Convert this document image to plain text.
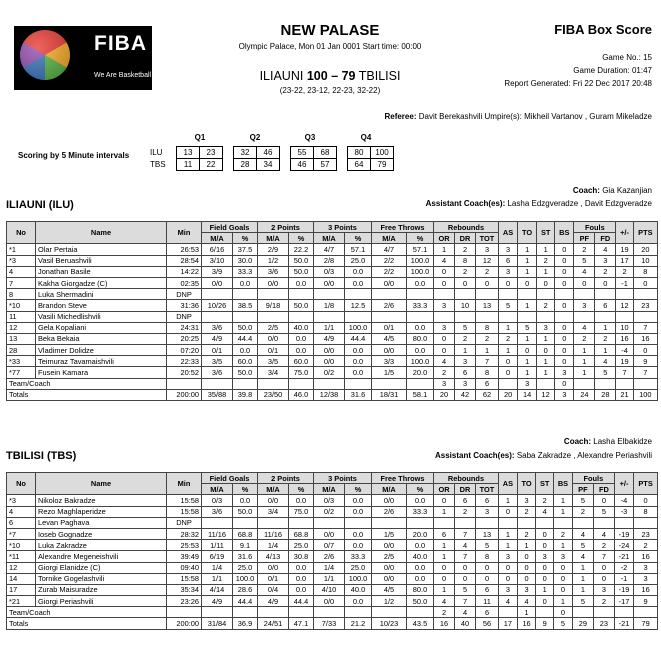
FIBA
We Are Basketball
NEW PALASE
Olympic Palace, Mon 01 Jan 0001 Start time: 00:00
ILIAUNI 100 – 79 TBILISI
(23-22, 23-12, 22-23, 32-22)
FIBA Box Score
Game No.: 15
Game Duration: 01:47
Report Generated: Fri 22 Dec 2017 20:48
Referee: Davit Berekashvili Umpire(s): Mikheil Vartanov , Guram Mikeladze
Scoring by 5 Minute intervals
Q1	Q2	Q3	Q4
ILU	13	23		32	46		55	68		80	100
TBS	11	22		28	34		46	57		64	79
Coach: Gia Kazanjian
ILIAUNI (ILU)	Assistant Coach(es): Lasha Edzgveradze , Davit Edzgveradze
No	Name	Min	Field Goals		2 Points		3 Points		Free Throws		Rebounds			AS	TO	ST	BS	Fouls		+/-	PTS
			M/A	%	M/A	%	M/A	%	M/A	%	OR	DR	TOT					PF	FD		
*1	Olar Pertaia	26:53	6/16	37.5	2/9	22.2	4/7	57.1	4/7	57.1	1	2	3	3	1	1	0	2	4	19	20
*3	Vasil Beruashvili	28:54	3/10	30.0	1/2	50.0	2/8	25.0	2/2	100.0	4	8	12	6	1	2	0	5	3	17	10
4	Jonathan Basile	14:22	3/9	33.3	3/6	50.0	0/3	0.0	2/2	100.0	0	2	2	3	1	1	0	4	2	2	8
7	Kakha Giorgadze (C)	02:35	0/0	0.0	0/0	0.0	0/0	0.0	0/0	0.0	0	0	0	0	0	0	0	0	0	-1	0
8	Luka Shermadini	DNP																			
*10	Brandon Steve	31:36	10/26	38.5	9/18	50.0	1/8	12.5	2/6	33.3	3	10	13	5	1	2	0	3	6	12	23
11	Vasili Michedlishvili	DNP																			
12	Gela Kopaliani	24:31	3/6	50.0	2/5	40.0	1/1	100.0	0/1	0.0	3	5	8	1	5	3	0	4	1	10	7
13	Beka Bekaia	20:25	4/9	44.4	0/0	0.0	4/9	44.4	4/5	80.0	0	2	2	2	1	1	0	2	2	16	16
28	Vladimer Dolidze	07:20	0/1	0.0	0/1	0.0	0/0	0.0	0/0	0.0	0	1	1	1	0	0	0	1	1	-4	0
*33	Teimuraz Tavamaishvili	22:33	3/5	60.0	3/5	60.0	0/0	0.0	3/3	100.0	4	3	7	0	1	1	0	1	4	19	9
*77	Fusein Kamara	20:52	3/6	50.0	3/4	75.0	0/2	0.0	1/5	20.0	2	6	8	0	1	1	3	1	5	7	7
Team/Coach											3	3	6		3		0				
Totals		200:00	35/88	39.8	23/50	46.0	12/38	31.6	18/31	58.1	20	42	62	20	14	12	3	24	28	21	100
Coach: Lasha Elbakidze
TBILISI (TBS)	Assistant Coach(es): Saba Zakradze , Alexandre Periashvili
No	Name	Min	Field Goals		2 Points		3 Points		Free Throws		Rebounds			AS	TO	ST	BS	Fouls		+/-	PTS
			M/A	%	M/A	%	M/A	%	M/A	%	OR	DR	TOT					PF	FD		
*3	Nikoloz Bakradze	15:58	0/3	0.0	0/0	0.0	0/3	0.0	0/0	0.0	0	6	6	1	3	2	1	5	0	-4	0
4	Rezo Maghlaperidze	15:58	3/6	50.0	3/4	75.0	0/2	0.0	2/6	33.3	1	2	3	0	2	4	1	2	5	-3	8
6	Levan Paghava	DNP																			
*7	Ioseb Gognadze	28:32	11/16	68.8	11/16	68.8	0/0	0.0	1/5	20.0	6	7	13	1	2	0	2	4	4	-19	23
*10	Luka Zakradze	25:53	1/11	9.1	1/4	25.0	0/7	0.0	0/0	0.0	1	4	5	1	1	0	1	5	2	-24	2
*11	Alexandre Megeneishvili	39:49	6/19	31.6	4/13	30.8	2/6	33.3	2/5	40.0	1	7	8	3	0	3	3	4	7	-21	16
12	Giorgi Elanidze (C)	09:40	1/4	25.0	0/0	0.0	1/4	25.0	0/0	0.0	0	0	0	0	0	0	0	1	0	-2	3
14	Tornike Gogelashvili	15:58	1/1	100.0	0/1	0.0	1/1	100.0	0/0	0.0	0	0	0	0	0	0	0	1	0	-1	3
17	Zurab Maisuradze	35:34	4/14	28.6	0/4	0.0	4/10	40.0	4/5	80.0	1	5	6	3	3	1	0	1	3	-19	16
*21	Giorgi Periashvili	23:26	4/9	44.4	4/9	44.4	0/0	0.0	1/2	50.0	4	7	11	4	4	0	1	5	2	-17	9
Team/Coach											2	4	6		1		0				
Totals		200:00	31/84	36.9	24/51	47.1	7/33	21.2	10/23	43.5	16	40	56	17	16	9	5	29	23	-21	79
